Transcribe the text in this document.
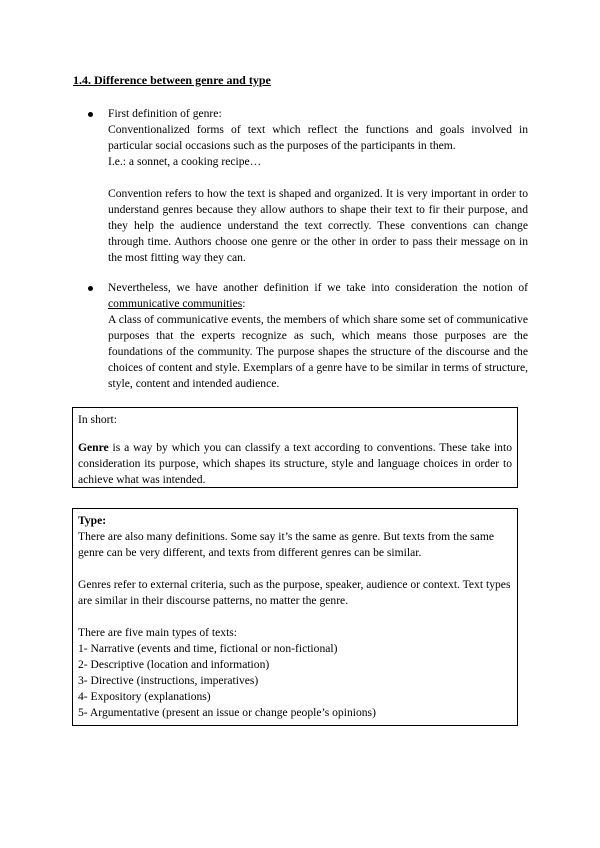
1.4. Difference between genre and type

First definition of genre:

Conventionalized forms of text which reflect the functions and goals involved in particular social occasions such as the purposes of the participants in them.

I.e.: a sonnet, a cooking recipe…

Convention refers to how the text is shaped and organized. It is very important in order to understand genres because they allow authors to shape their text to fir their purpose, and they help the audience understand the text correctly. These conventions can change through time. Authors choose one genre or the other in order to pass their message on in the most fitting way they can.

Nevertheless, we have another definition if we take into consideration the notion of communicative communities:

A class of communicative events, the members of which share some set of communicative purposes that the experts recognize as such, which means those purposes are the foundations of the community. The purpose shapes the structure of the discourse and the choices of content and style. Exemplars of a genre have to be similar in terms of structure, style, content and intended audience.

In short:

Genre is a way by which you can classify a text according to conventions. These take into consideration its purpose, which shapes its structure, style and language choices in order to achieve what was intended.

Type:

There are also many definitions. Some say it’s the same as genre. But texts from the same genre can be very different, and texts from different genres can be similar.

Genres refer to external criteria, such as the purpose, speaker, audience or context. Text types are similar in their discourse patterns, no matter the genre.

There are five main types of texts:

1- Narrative (events and time, fictional or non-fictional)

2- Descriptive (location and information)

3- Directive (instructions, imperatives)

4- Expository (explanations)

5- Argumentative (present an issue or change people’s opinions)
